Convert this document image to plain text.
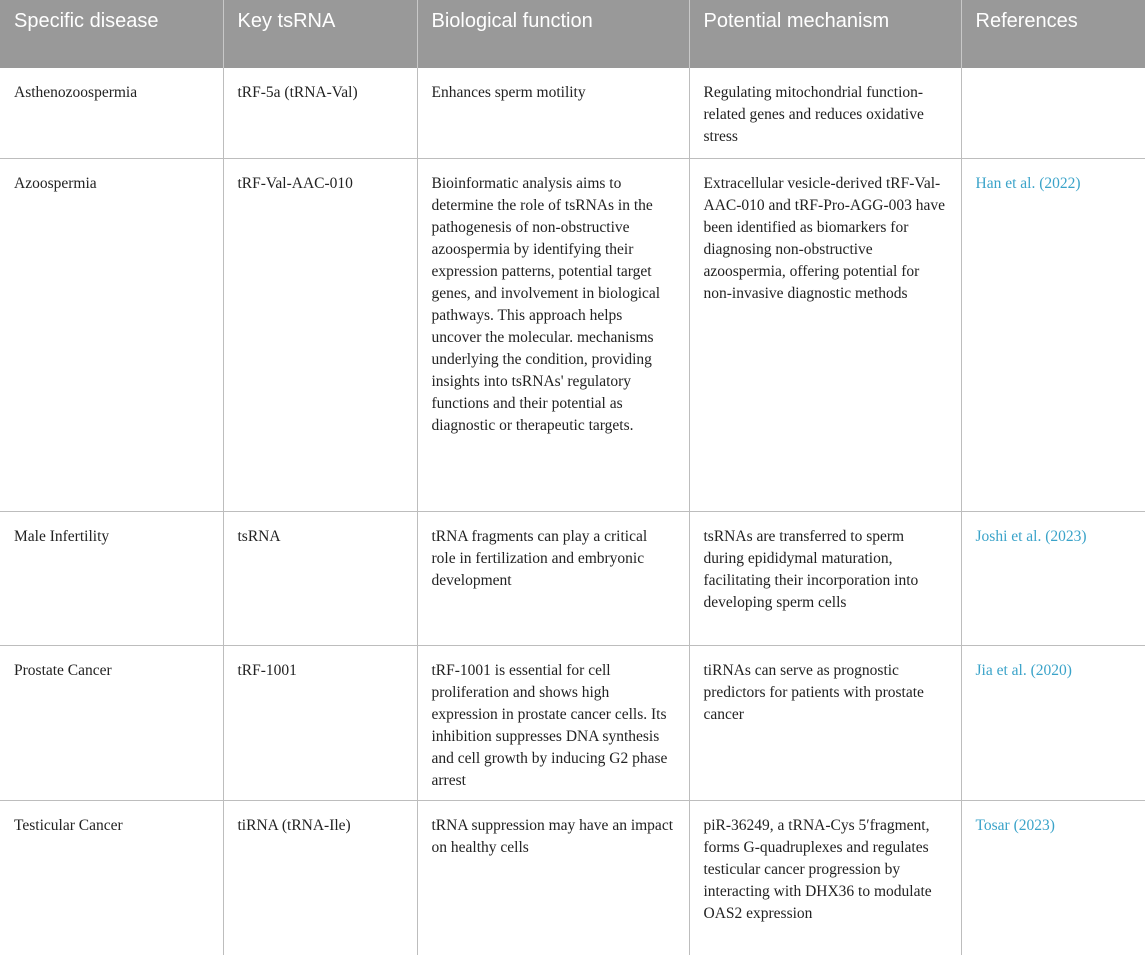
Specific disease	Key tsRNA	Biological function	Potential mechanism	References
Asthenozoospermia	tRF-5a (tRNA-Val)	Enhances sperm motility	Regulating mitochondrial function-related genes and reduces oxidative stress	
Azoospermia	tRF-Val-AAC-010	Bioinformatic analysis aims to determine the role of tsRNAs in the pathogenesis of non-obstructive azoospermia by identifying their expression patterns, potential target genes, and involvement in biological pathways. This approach helps uncover the molecular. mechanisms underlying the condition, providing insights into tsRNAs' regulatory functions and their potential as diagnostic or therapeutic targets.	Extracellular vesicle-derived tRF-Val-AAC-010 and tRF-Pro-AGG-003 have been identified as biomarkers for diagnosing non-obstructive azoospermia, offering potential for non-invasive diagnostic methods	Han et al. (2022)
Male Infertility	tsRNA	tRNA fragments can play a critical role in fertilization and embryonic development	tsRNAs are transferred to sperm during epididymal maturation, facilitating their incorporation into developing sperm cells	Joshi et al. (2023)
Prostate Cancer	tRF-1001	tRF-1001 is essential for cell proliferation and shows high expression in prostate cancer cells. Its inhibition suppresses DNA synthesis and cell growth by inducing G2 phase arrest	tiRNAs can serve as prognostic predictors for patients with prostate cancer	Jia et al. (2020)
Testicular Cancer	tiRNA (tRNA-Ile)	tRNA suppression may have an impact on healthy cells	piR-36249, a tRNA-Cys 5′fragment, forms G-quadruplexes and regulates testicular cancer progression by interacting with DHX36 to modulate OAS2 expression	Tosar (2023)
